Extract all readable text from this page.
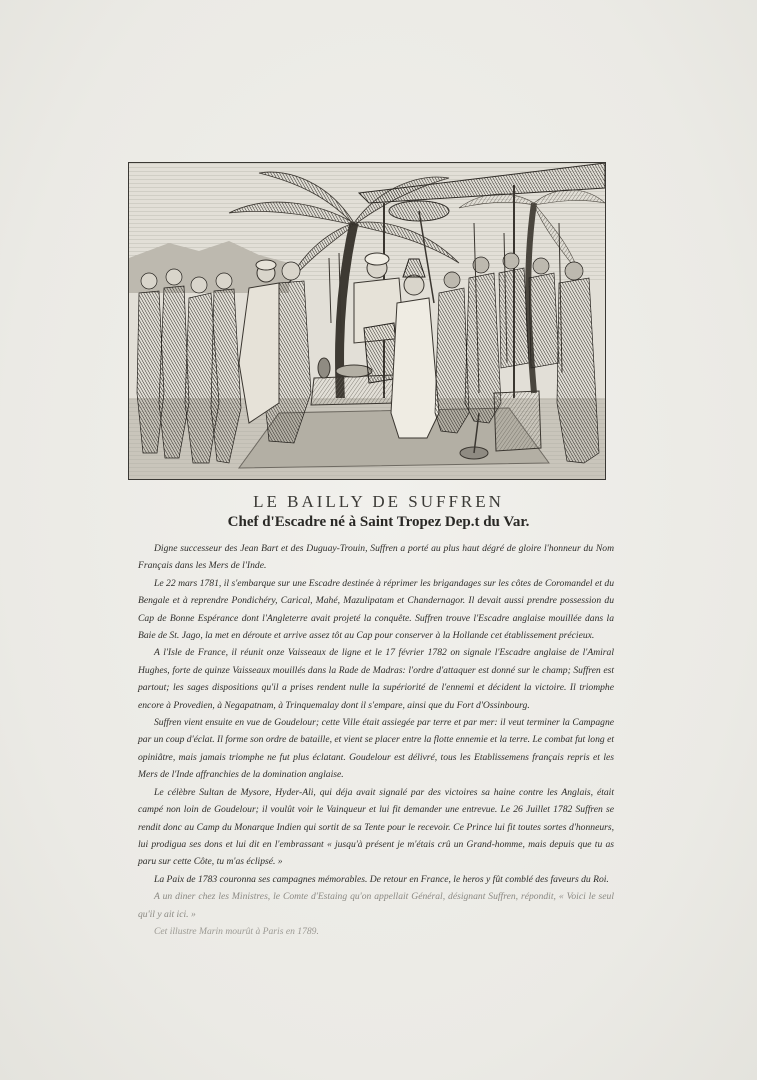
LE BAILLY DE SUFFREN
Chef d'Escadre né à Saint Tropez Dep.t du Var.

Digne successeur des Jean Bart et des Duguay-Trouin, Suffren a porté au plus haut dégré de gloire l'honneur du Nom Français dans les Mers de l'Inde.

Le 22 mars 1781, il s'embarque sur une Escadre destinée à réprimer les brigandages sur les côtes de Coromandel et du Bengale et à reprendre Pondichéry, Carical, Mahé, Mazulipatam et Chandernagor. Il devait aussi prendre possession du Cap de Bonne Espérance dont l'Angleterre avait projeté la conquête. Suffren trouve l'Escadre anglaise mouillée dans la Baie de St. Jago, la met en déroute et arrive assez tôt au Cap pour conserver à la Hollande cet établissement précieux.

A l'Isle de France, il réunit onze Vaisseaux de ligne et le 17 février 1782 on signale l'Escadre anglaise de l'Amiral Hughes, forte de quinze Vaisseaux mouillés dans la Rade de Madras: l'ordre d'attaquer est donné sur le champ; Suffren est partout; les sages dispositions qu'il a prises rendent nulle la supériorité de l'ennemi et décident la victoire. Il triomphe encore à Provedien, à Negapatnam, à Trinquemalay dont il s'empare, ainsi que du Fort d'Ossinbourg.

Suffren vient ensuite en vue de Goudelour; cette Ville était assiegée par terre et par mer: il veut terminer la Campagne par un coup d'éclat. Il forme son ordre de bataille, et vient se placer entre la flotte ennemie et la terre. Le combat fut long et opiniâtre, mais jamais triomphe ne fut plus éclatant. Goudelour est délivré, tous les Etablissemens français repris et les Mers de l'Inde affranchies de la domination anglaise.

Le célèbre Sultan de Mysore, Hyder-Ali, qui déja avait signalé par des victoires sa haine contre les Anglais, était campé non loin de Goudelour; il voulût voir le Vainqueur et lui fit demander une entrevue. Le 26 Juillet 1782 Suffren se rendit donc au Camp du Monarque Indien qui sortit de sa Tente pour le recevoir. Ce Prince lui fit toutes sortes d'honneurs, lui prodigua ses dons et lui dit en l'embrassant « jusqu'à présent je m'étais crû un Grand-homme, mais depuis que tu as paru sur cette Côte, tu m'as éclipsé. »

La Paix de 1783 couronna ses campagnes mémorables. De retour en France, le heros y fût comblé des faveurs du Roi.

A un diner chez les Ministres, le Comte d'Estaing qu'on appellait Général, désignant Suffren, répondit, « Voici le seul qu'il y ait ici. »

Cet illustre Marin mourût à Paris en 1789.
